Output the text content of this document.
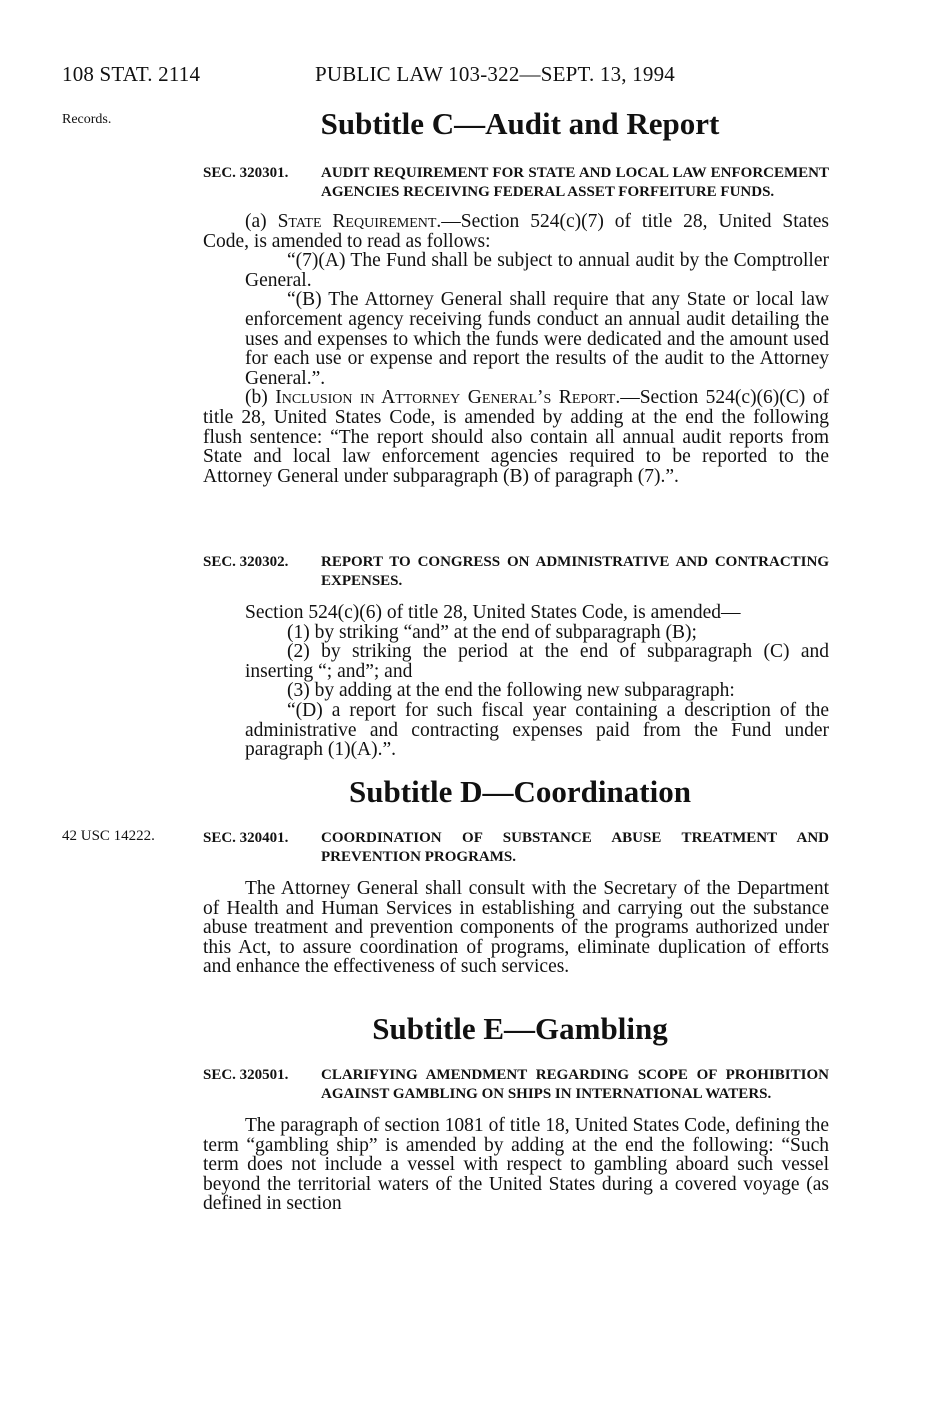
108 STAT. 2114	PUBLIC LAW 103-322—SEPT. 13, 1994
Records.
42 USC 14222.
Subtitle C—Audit and Report
SEC. 320301.	AUDIT REQUIREMENT FOR STATE AND LOCAL LAW ENFORCEMENT AGENCIES RECEIVING FEDERAL ASSET FORFEITURE FUNDS.

(a) State Requirement.—Section 524(c)(7) of title 28, United States Code, is amended to read as follows:

“(7)(A) The Fund shall be subject to annual audit by the Comptroller General.

“(B) The Attorney General shall require that any State or local law enforcement agency receiving funds conduct an annual audit detailing the uses and expenses to which the funds were dedicated and the amount used for each use or expense and report the results of the audit to the Attorney General.”.

(b) Inclusion in Attorney General’s Report.—Section 524(c)(6)(C) of title 28, United States Code, is amended by adding at the end the following flush sentence: “The report should also contain all annual audit reports from State and local law enforcement agencies required to be reported to the Attorney General under subparagraph (B) of paragraph (7).”.

SEC. 320302.	REPORT TO CONGRESS ON ADMINISTRATIVE AND CONTRACTING EXPENSES.

Section 524(c)(6) of title 28, United States Code, is amended—

(1) by striking “and” at the end of subparagraph (B);

(2) by striking the period at the end of subparagraph (C) and inserting “; and”; and

(3) by adding at the end the following new subparagraph:

“(D) a report for such fiscal year containing a description of the administrative and contracting expenses paid from the Fund under paragraph (1)(A).”.

Subtitle D—Coordination
SEC. 320401.	COORDINATION OF SUBSTANCE ABUSE TREATMENT AND PREVENTION PROGRAMS.

The Attorney General shall consult with the Secretary of the Department of Health and Human Services in establishing and carrying out the substance abuse treatment and prevention components of the programs authorized under this Act, to assure coordination of programs, eliminate duplication of efforts and enhance the effectiveness of such services.

Subtitle E—Gambling
SEC. 320501.	CLARIFYING AMENDMENT REGARDING SCOPE OF PROHIBITION AGAINST GAMBLING ON SHIPS IN INTERNATIONAL WATERS.

The paragraph of section 1081 of title 18, United States Code, defining the term “gambling ship” is amended by adding at the end the following: “Such term does not include a vessel with respect to gambling aboard such vessel beyond the territorial waters of the United States during a covered voyage (as defined in section
